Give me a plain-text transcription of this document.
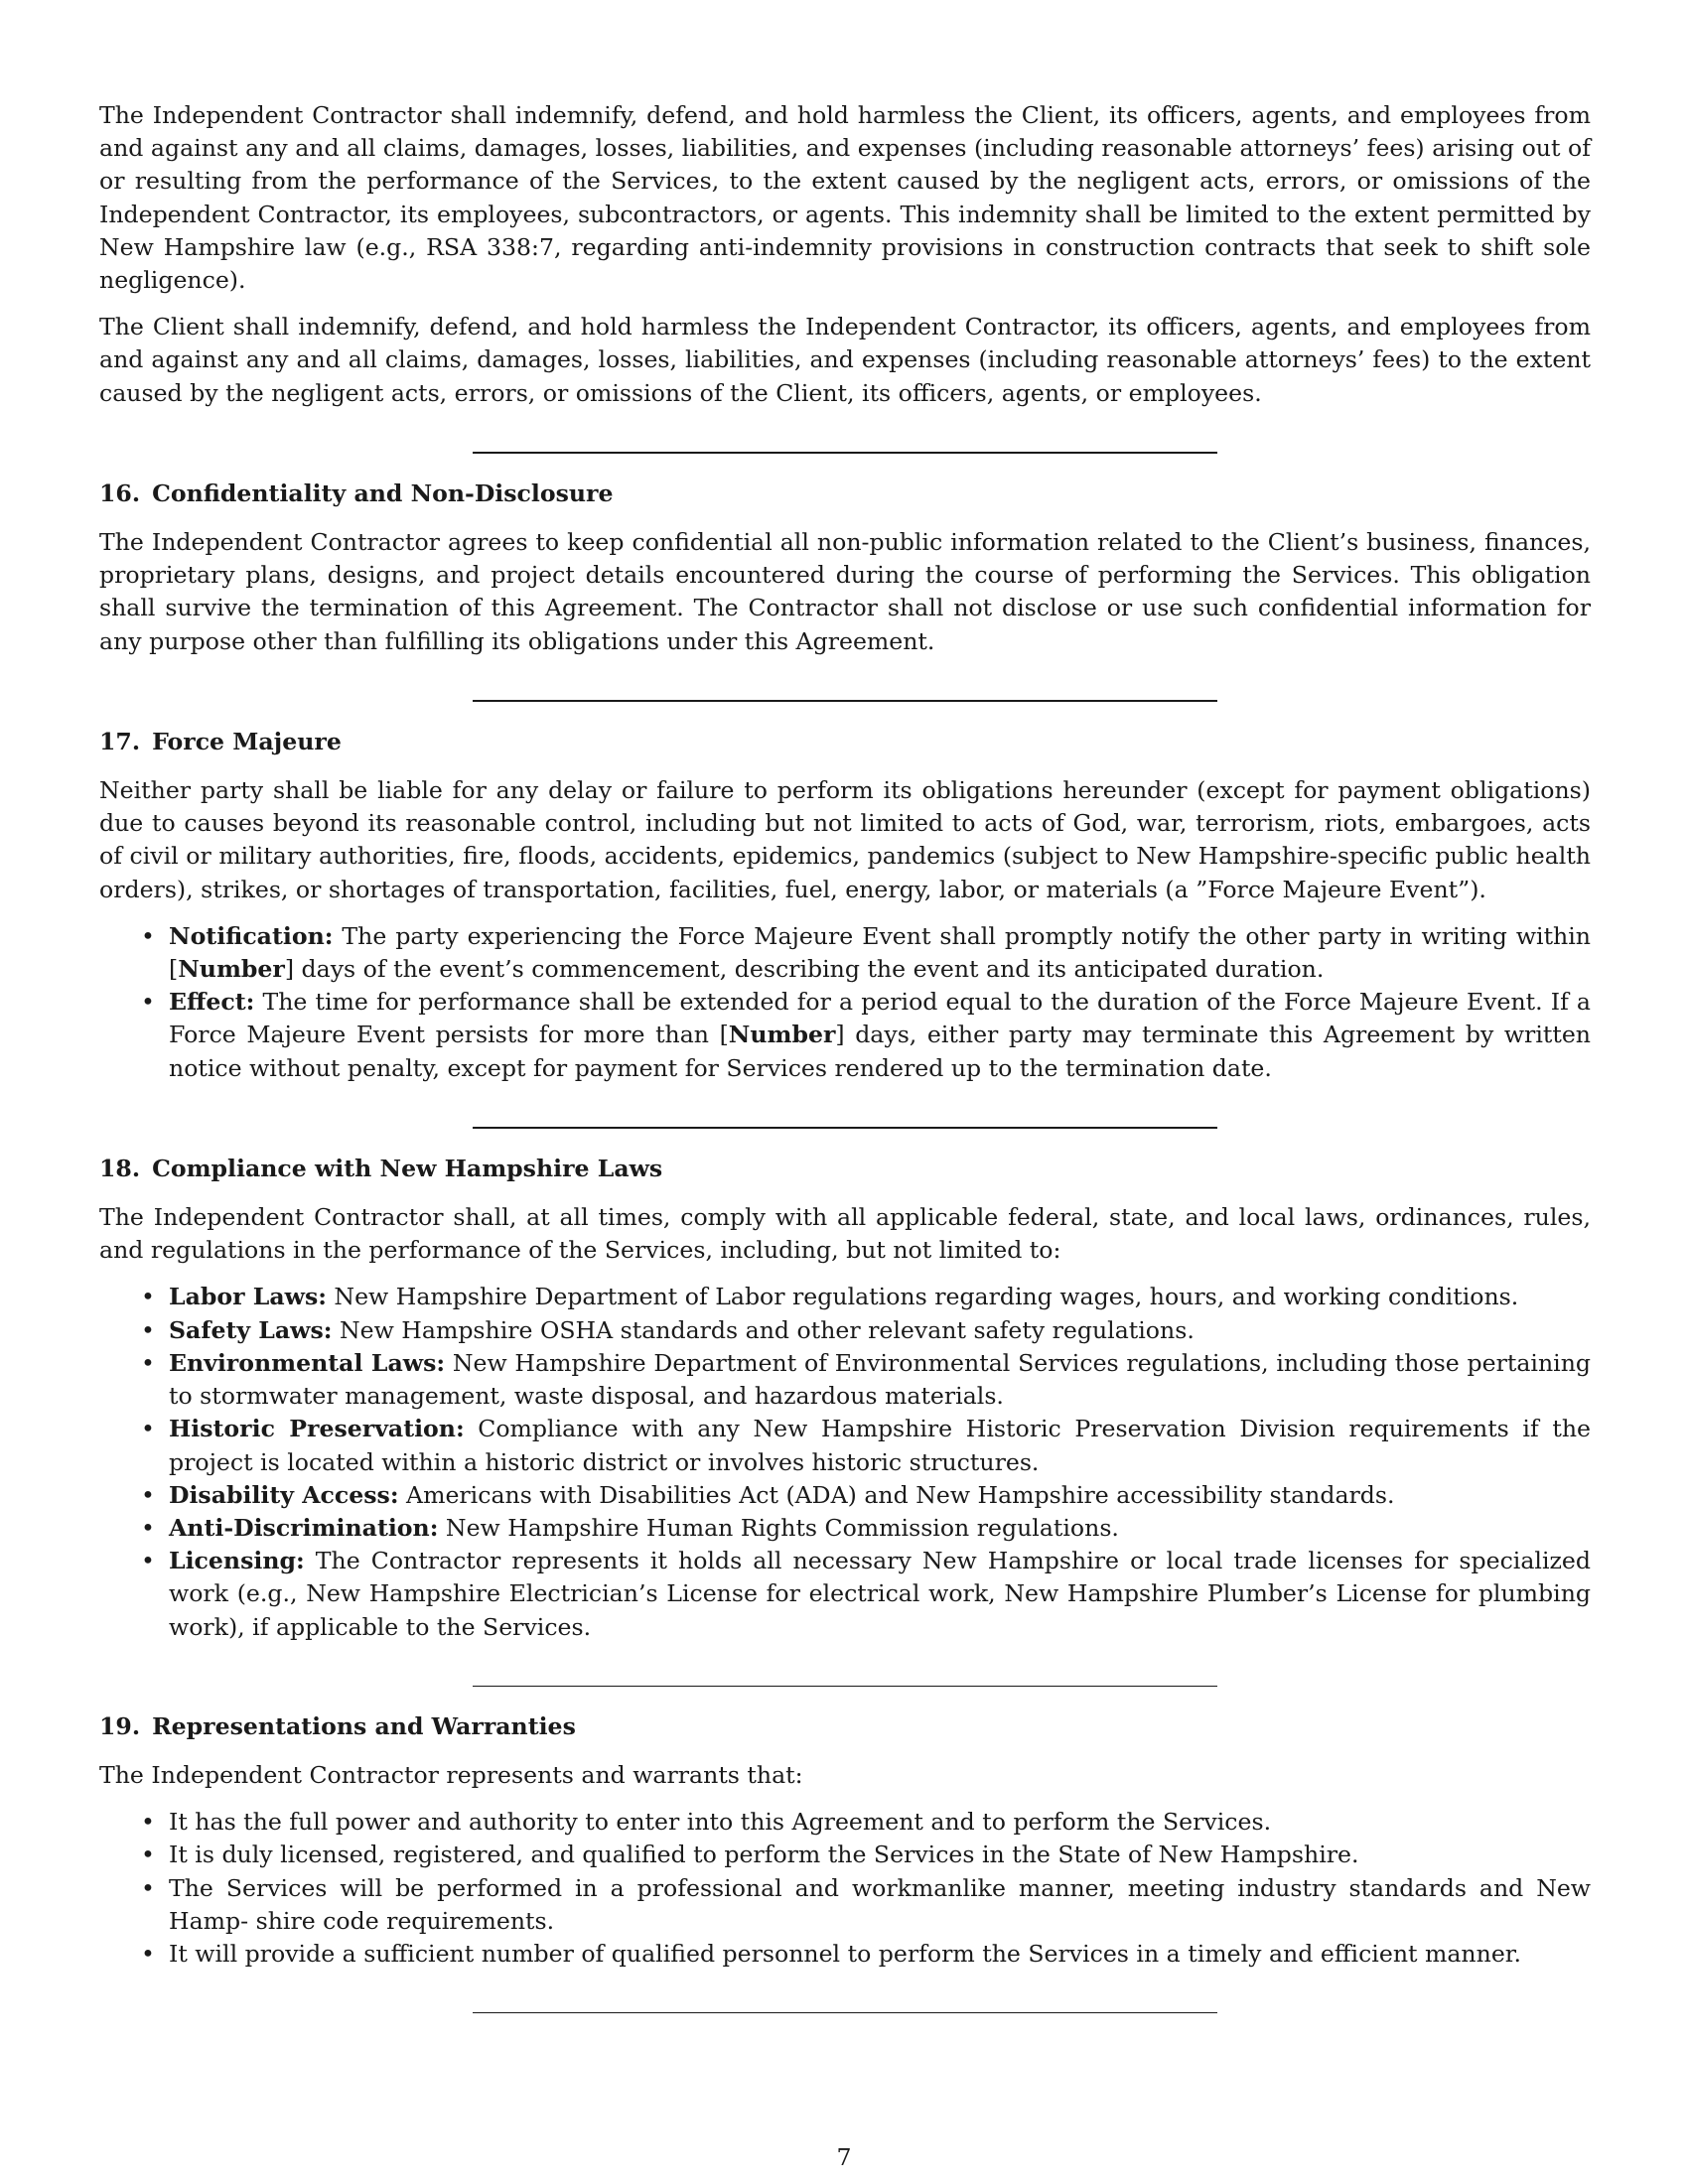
The Independent Contractor shall indemnify, defend, and hold harmless the Client, its officers, agents, and employees from and against any and all claims, damages, losses, liabilities, and expenses (including reasonable attorneys’ fees) arising out of or resulting from the performance of the Services, to the extent caused by the negligent acts, errors, or omissions of the Independent Contractor, its employees, subcontractors, or agents. This indemnity shall be limited to the extent permitted by New Hampshire law (e.g., RSA 338:7, regarding anti-indemnity provisions in construction contracts that seek to shift sole negligence).

The Client shall indemnify, defend, and hold harmless the Independent Contractor, its officers, agents, and employees from and against any and all claims, damages, losses, liabilities, and expenses (including reasonable attorneys’ fees) to the extent caused by the negligent acts, errors, or omissions of the Client, its officers, agents, or employees.

16. Confidentiality and Non-Disclosure

The Independent Contractor agrees to keep confidential all non-public information related to the Client’s business, finances, proprietary plans, designs, and project details encountered during the course of performing the Services. This obligation shall survive the termination of this Agreement. The Contractor shall not disclose or use such confidential information for any purpose other than fulfilling its obligations under this Agreement.

17. Force Majeure

Neither party shall be liable for any delay or failure to perform its obligations hereunder (except for payment obligations) due to causes beyond its reasonable control, including but not limited to acts of God, war, terrorism, riots, embargoes, acts of civil or military authorities, fire, floods, accidents, epidemics, pandemics (subject to New Hampshire-specific public health orders), strikes, or shortages of transportation, facilities, fuel, energy, labor, or materials (a ”Force Majeure Event”).

• Notification: The party experiencing the Force Majeure Event shall promptly notify the other party in writing within [Number] days of the event’s commencement, describing the event and its anticipated duration.
• Effect: The time for performance shall be extended for a period equal to the duration of the Force Majeure Event. If a Force Majeure Event persists for more than [Number] days, either party may terminate this Agreement by written notice without penalty, except for payment for Services rendered up to the termination date.
18. Compliance with New Hampshire Laws

The Independent Contractor shall, at all times, comply with all applicable federal, state, and local laws, ordinances, rules, and regulations in the performance of the Services, including, but not limited to:

• Labor Laws: New Hampshire Department of Labor regulations regarding wages, hours, and working conditions.
• Safety Laws: New Hampshire OSHA standards and other relevant safety regulations.
• Environmental Laws: New Hampshire Department of Environmental Services regulations, including those pertaining to stormwater management, waste disposal, and hazardous materials.
• Historic Preservation: Compliance with any New Hampshire Historic Preservation Division requirements if the project is located within a historic district or involves historic structures.
• Disability Access: Americans with Disabilities Act (ADA) and New Hampshire accessibility standards.
• Anti-Discrimination: New Hampshire Human Rights Commission regulations.
• Licensing: The Contractor represents it holds all necessary New Hampshire or local trade licenses for specialized work (e.g., New Hampshire Electrician’s License for electrical work, New Hampshire Plumber’s License for plumbing work), if applicable to the Services.
19. Representations and Warranties

The Independent Contractor represents and warrants that:

• It has the full power and authority to enter into this Agreement and to perform the Services.
• It is duly licensed, registered, and qualified to perform the Services in the State of New Hampshire.
• The Services will be performed in a professional and workmanlike manner, meeting industry standards and New Hamp- shire code requirements.
• It will provide a sufficient number of qualified personnel to perform the Services in a timely and efficient manner.
7
